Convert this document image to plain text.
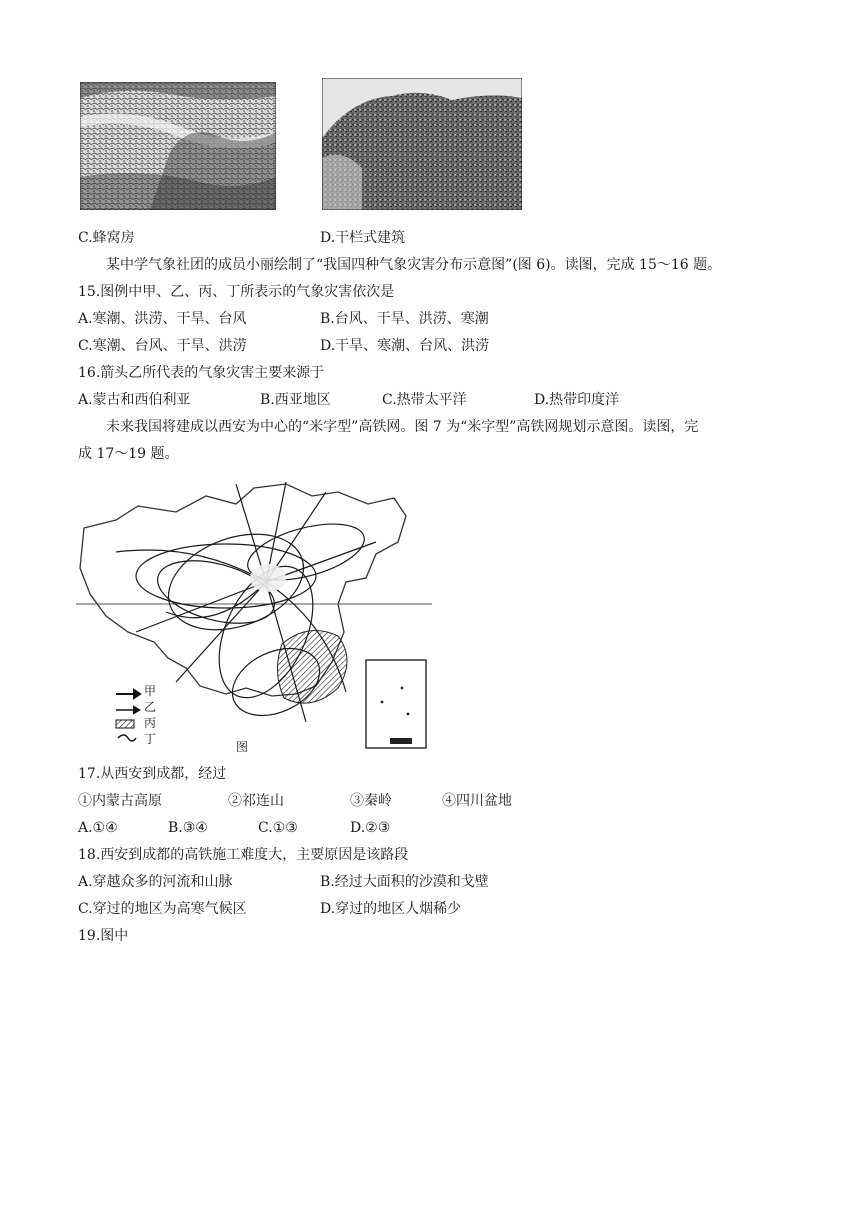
C.蜂窝房	D.干栏式建筑
某中学气象社团的成员小丽绘制了“我国四种气象灾害分布示意图”(图 6)。读图，完成 15～16 题。
15.图例中甲、乙、丙、丁所表示的气象灾害依次是
A.寒潮、洪涝、干旱、台风	B.台风、干旱、洪涝、寒潮
C.寒潮、台风、干旱、洪涝	D.干旱、寒潮、台风、洪涝
16.箭头乙所代表的气象灾害主要来源于
A.蒙古和西伯利亚	B.西亚地区	C.热带太平洋	D.热带印度洋
未来我国将建成以西安为中心的“米字型”高铁网。图 7 为“米字型”高铁网规划示意图。读图，完
成 17～19 题。
甲
乙
丙
丁
图
17.从西安到成都，经过
①内蒙古高原	②祁连山	③秦岭	④四川盆地
A.①④	B.③④	C.①③	D.②③
18.西安到成都的高铁施工难度大，主要原因是该路段
A.穿越众多的河流和山脉	B.经过大面积的沙漠和戈壁
C.穿过的地区为高寒气候区	D.穿过的地区人烟稀少
19.图中
